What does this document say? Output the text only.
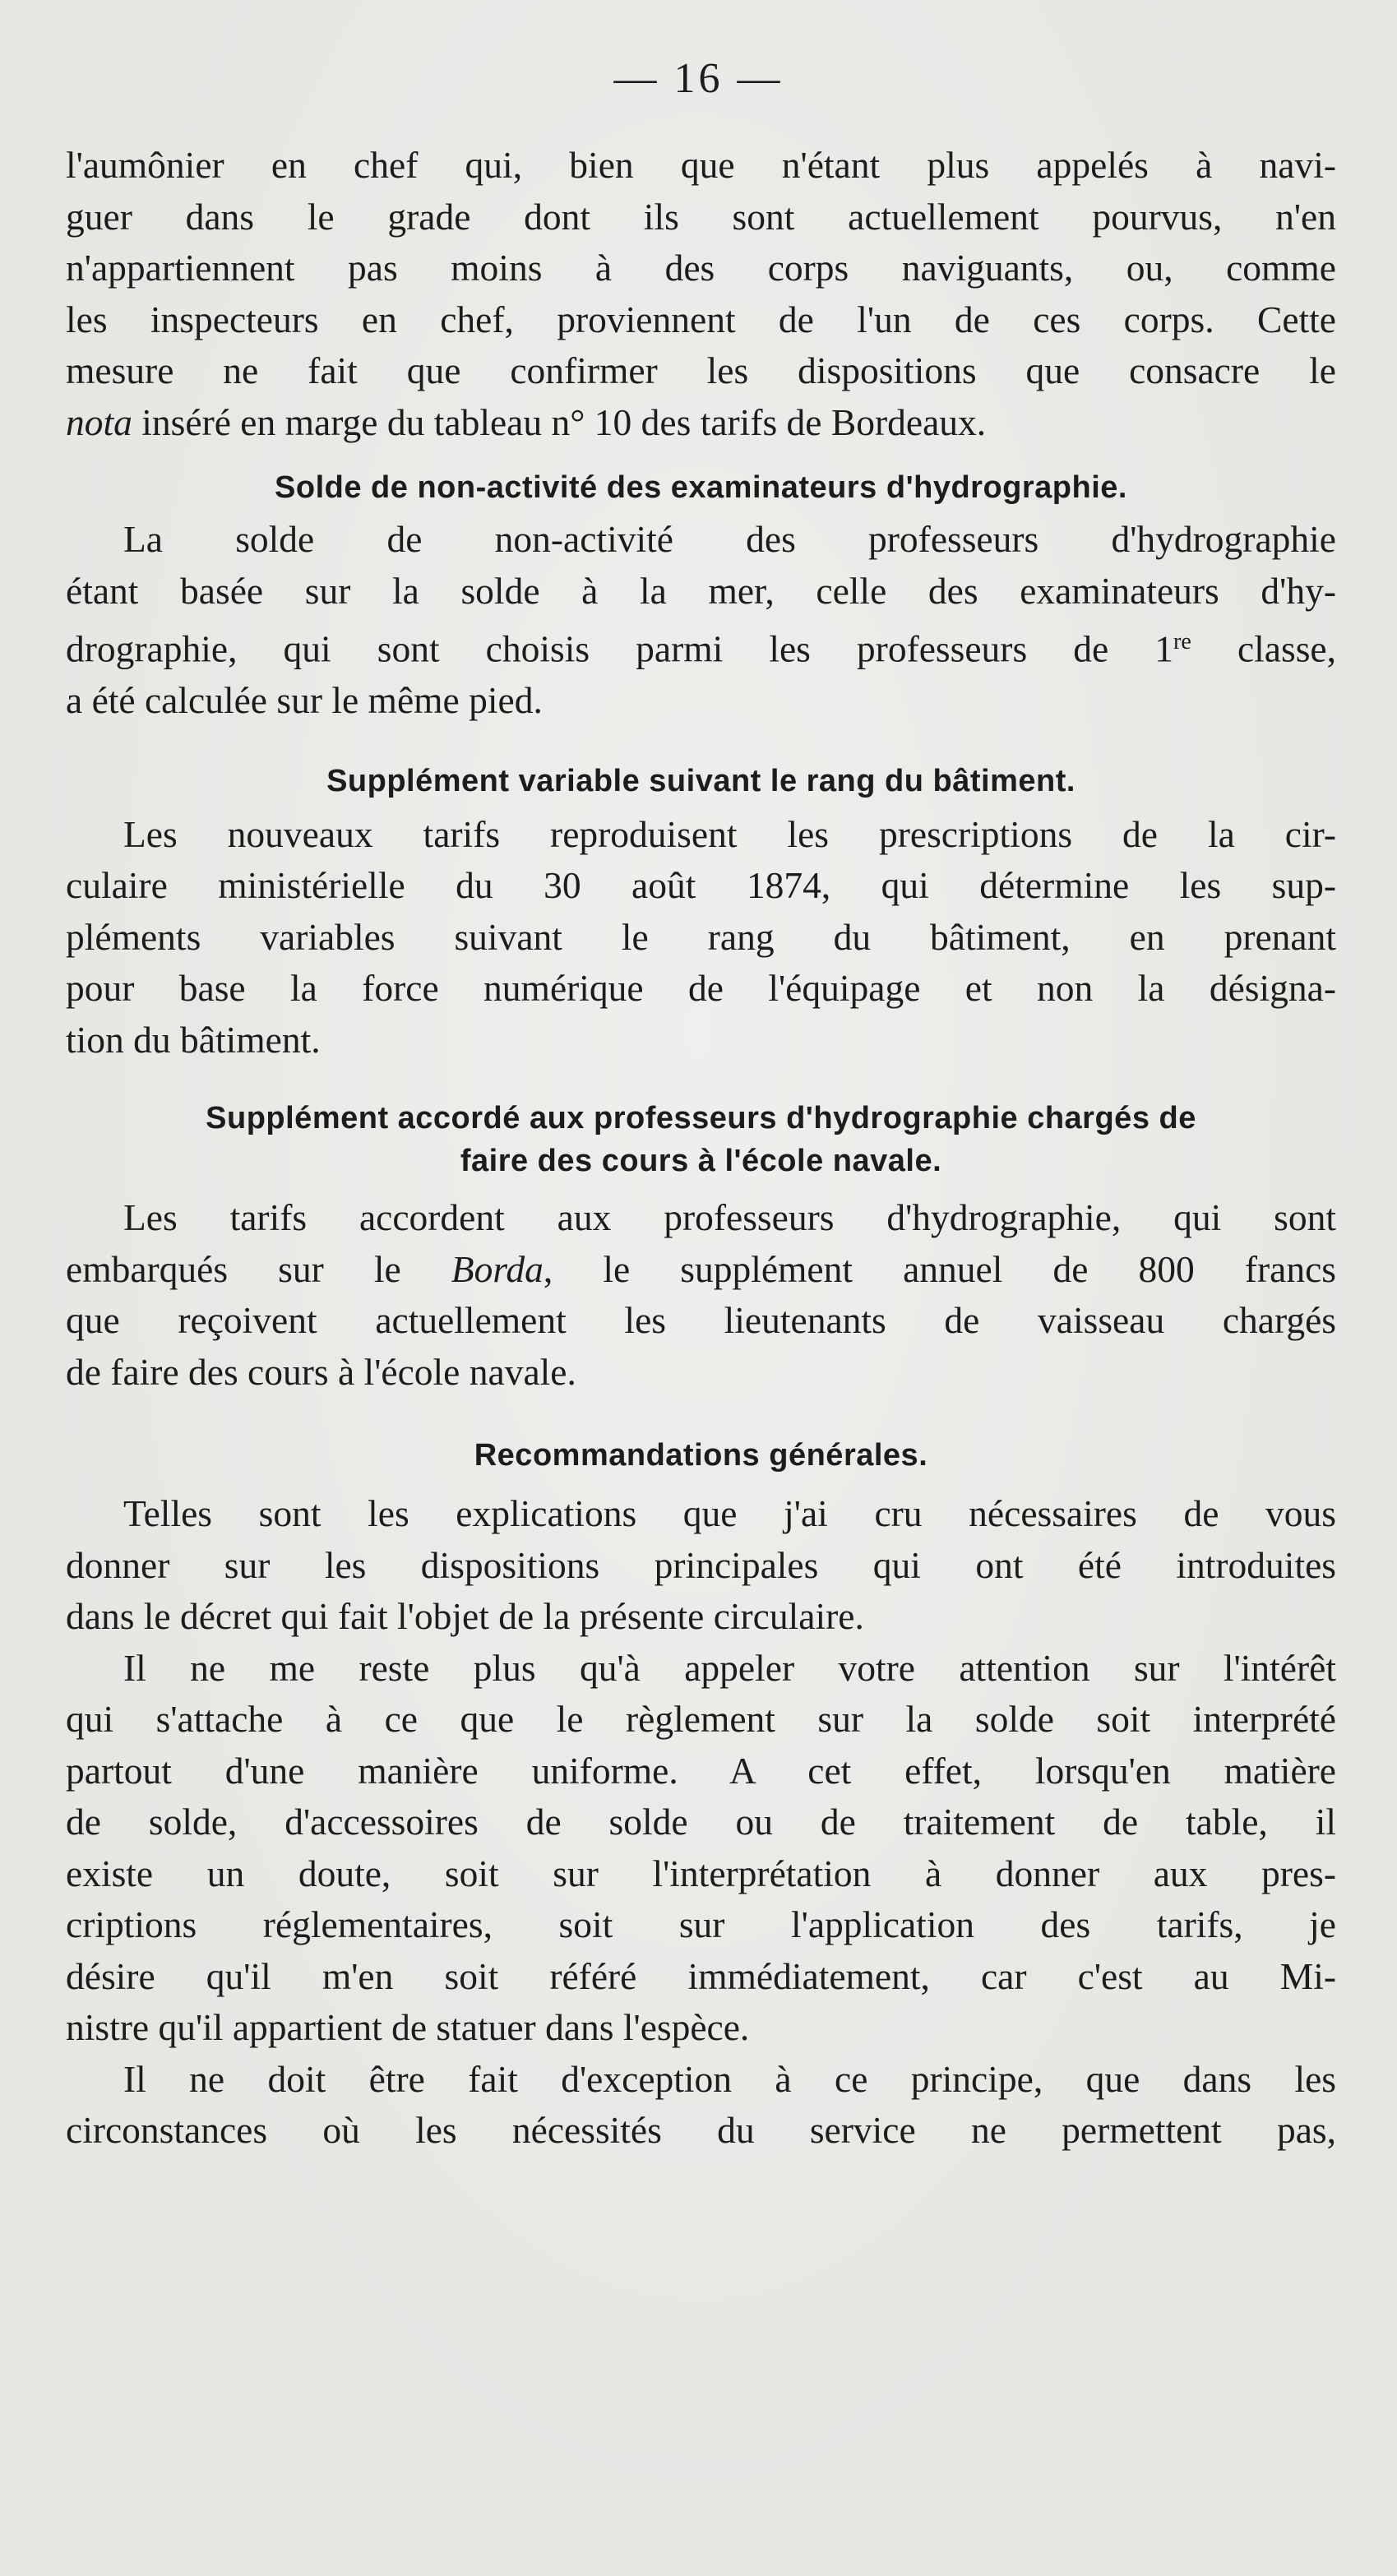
— 16 —

l'aumônier en chef qui, bien que n'étant plus appelés à navi-
guer dans le grade dont ils sont actuellement pourvus, n'en
n'appartiennent pas moins à des corps naviguants, ou, comme
les inspecteurs en chef, proviennent de l'un de ces corps. Cette
mesure ne fait que confirmer les dispositions que consacre le
nota inséré en marge du tableau n° 10 des tarifs de Bordeaux.

Solde de non-activité des examinateurs d'hydrographie.

La solde de non-activité des professeurs d'hydrographie
étant basée sur la solde à la mer, celle des examinateurs d'hy-
drographie, qui sont choisis parmi les professeurs de 1re classe,
a été calculée sur le même pied.

Supplément variable suivant le rang du bâtiment.

Les nouveaux tarifs reproduisent les prescriptions de la cir-
culaire ministérielle du 30 août 1874, qui détermine les sup-
pléments variables suivant le rang du bâtiment, en prenant
pour base la force numérique de l'équipage et non la désigna-
tion du bâtiment.

Supplément accordé aux professeurs d'hydrographie chargés de
faire des cours à l'école navale.

Les tarifs accordent aux professeurs d'hydrographie, qui sont
embarqués sur le Borda, le supplément annuel de 800 francs
que reçoivent actuellement les lieutenants de vaisseau chargés
de faire des cours à l'école navale.

Recommandations générales.

Telles sont les explications que j'ai cru nécessaires de vous
donner sur les dispositions principales qui ont été introduites
dans le décret qui fait l'objet de la présente circulaire.

Il ne me reste plus qu'à appeler votre attention sur l'intérêt
qui s'attache à ce que le règlement sur la solde soit interprété
partout d'une manière uniforme. A cet effet, lorsqu'en matière
de solde, d'accessoires de solde ou de traitement de table, il
existe un doute, soit sur l'interprétation à donner aux pres-
criptions réglementaires, soit sur l'application des tarifs, je
désire qu'il m'en soit référé immédiatement, car c'est au Mi-
nistre qu'il appartient de statuer dans l'espèce.

Il ne doit être fait d'exception à ce principe, que dans les
circonstances où les nécessités du service ne permettent pas,
